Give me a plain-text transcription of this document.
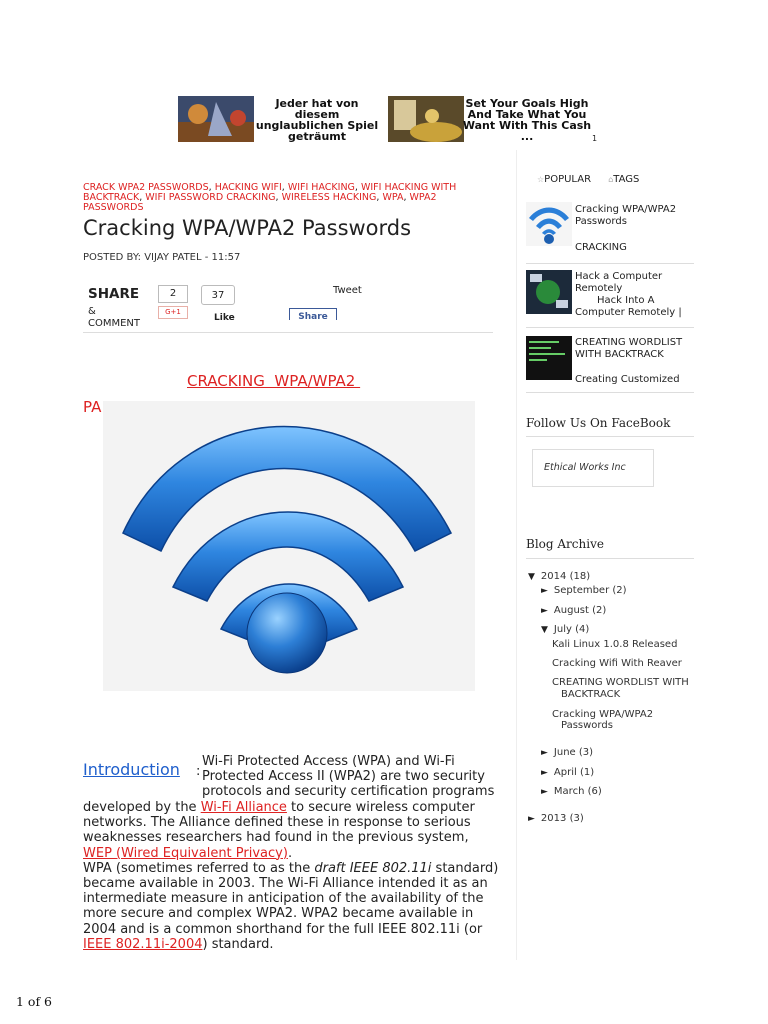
Jeder hat von diesem unglaublichen Spiel geträumt
Set Your Goals High And Take What You Want With This Cash ...	1
CRACK WPA2 PASSWORDS, HACKING WIFI, WIFI HACKING, WIFI HACKING WITH BACKTRACK, WIFI PASSWORD CRACKING, WIRELESS HACKING, WPA, WPA2 PASSWORDS
Cracking WPA/WPA2 Passwords
POSTED BY: VIJAY PATEL - 11:57
SHARE
&
COMMENT
2
G+1
37
Like
Tweet
Share
CRACKING  WPA/WPA2
PA
Introduction :
Wi-Fi Protected Access (WPA) and Wi-Fi
Protected Access II (WPA2) are two security
protocols and security certification programs
developed by the Wi-Fi Alliance to secure wireless computer
networks. The Alliance defined these in response to serious
weaknesses researchers had found in the previous system,
WEP (Wired Equivalent Privacy).
WPA (sometimes referred to as the draft IEEE 802.11i standard)
became available in 2003. The Wi-Fi Alliance intended it as an
intermediate measure in anticipation of the availability of the
more secure and complex WPA2. WPA2 became available in
2004 and is a common shorthand for the full IEEE 802.11i (or
IEEE 802.11i-2004) standard.
☆POPULAR ⌂TAGS
Cracking WPA/WPA2 Passwords
CRACKING
Hack a Computer Remotely
Hack Into A Computer Remotely |
CREATING WORDLIST WITH BACKTRACK
Creating Customized
Follow Us On FaceBook
Ethical Works Inc
Blog Archive
▼ 2014 (18)
► September (2)
► August (2)
▼ July (4)
Kali Linux 1.0.8 Released
Cracking Wifi With Reaver
CREATING WORDLIST WITH
BACKTRACK
Cracking WPA/WPA2
Passwords
► June (3)
► April (1)
► March (6)
► 2013 (3)
1 of 6
